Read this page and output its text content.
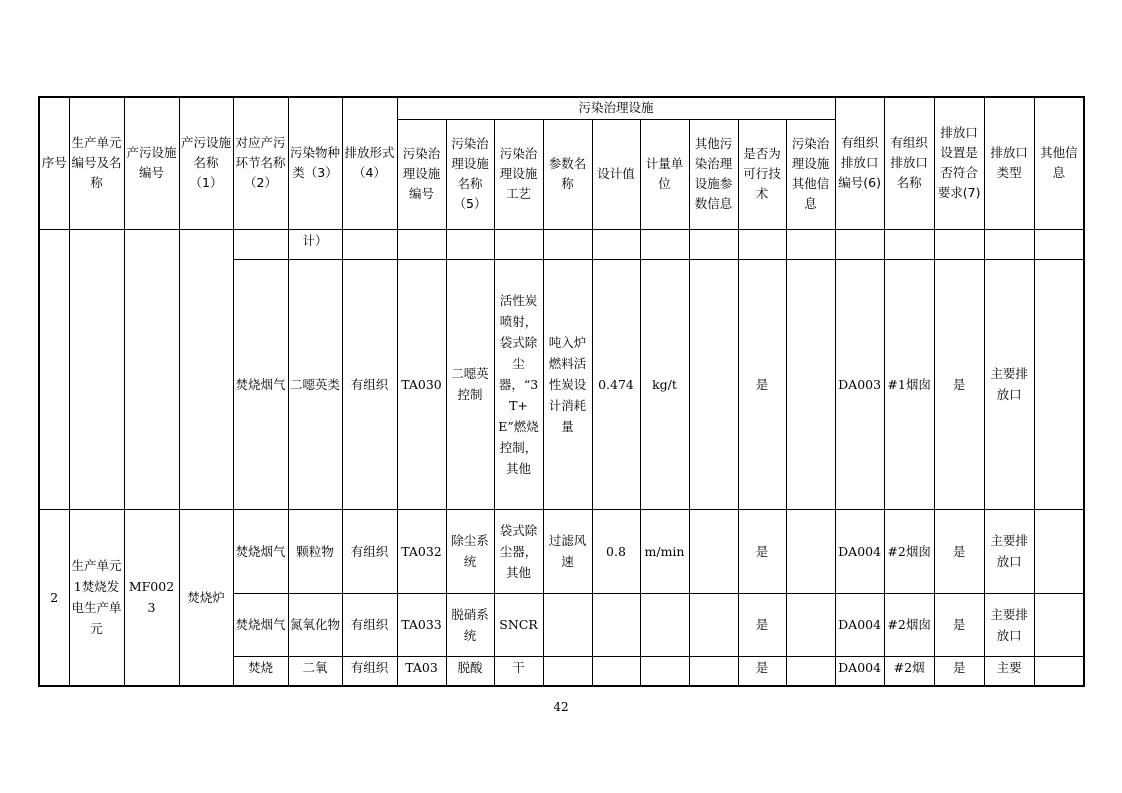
序号	生产单元编号及名称	产污设施编号	产污设施名称（1）	对应产污环节名称（2）	污染物种类（3）	排放形式（4）	污染治理设施									有组织排放口编号(6)	有组织排放口名称	排放口设置是否符合要求(7)	排放口类型	其他信息
							污染治理设施编号	污染治理设施名称（5）	污染治理设施工艺	参数名称	设计值	计量单位	其他污染治理设施参数信息	是否为可行技术	污染治理设施其他信息					
					计）															
				焚烧烟气	二噁英类	有组织	TA030	二噁英控制	活性炭喷射，袋式除尘器，“3T+E”燃烧控制，其他	吨入炉燃料活性炭设计消耗量	0.474	kg/t		是		DA003	#1烟囱	是	主要排放口	
2	生产单元1焚烧发电生产单元	MF0023	焚烧炉	焚烧烟气	颗粒物	有组织	TA032	除尘系统	袋式除尘器，其他	过滤风速	0.8	m/min		是		DA004	#2烟囱	是	主要排放口	
				焚烧烟气	氮氧化物	有组织	TA033	脱硝系统	SNCR					是		DA004	#2烟囱	是	主要排放口	
				焚烧	二氧	有组织	TA03	脱酸	干					是		DA004	#2烟	是	主要	
42
